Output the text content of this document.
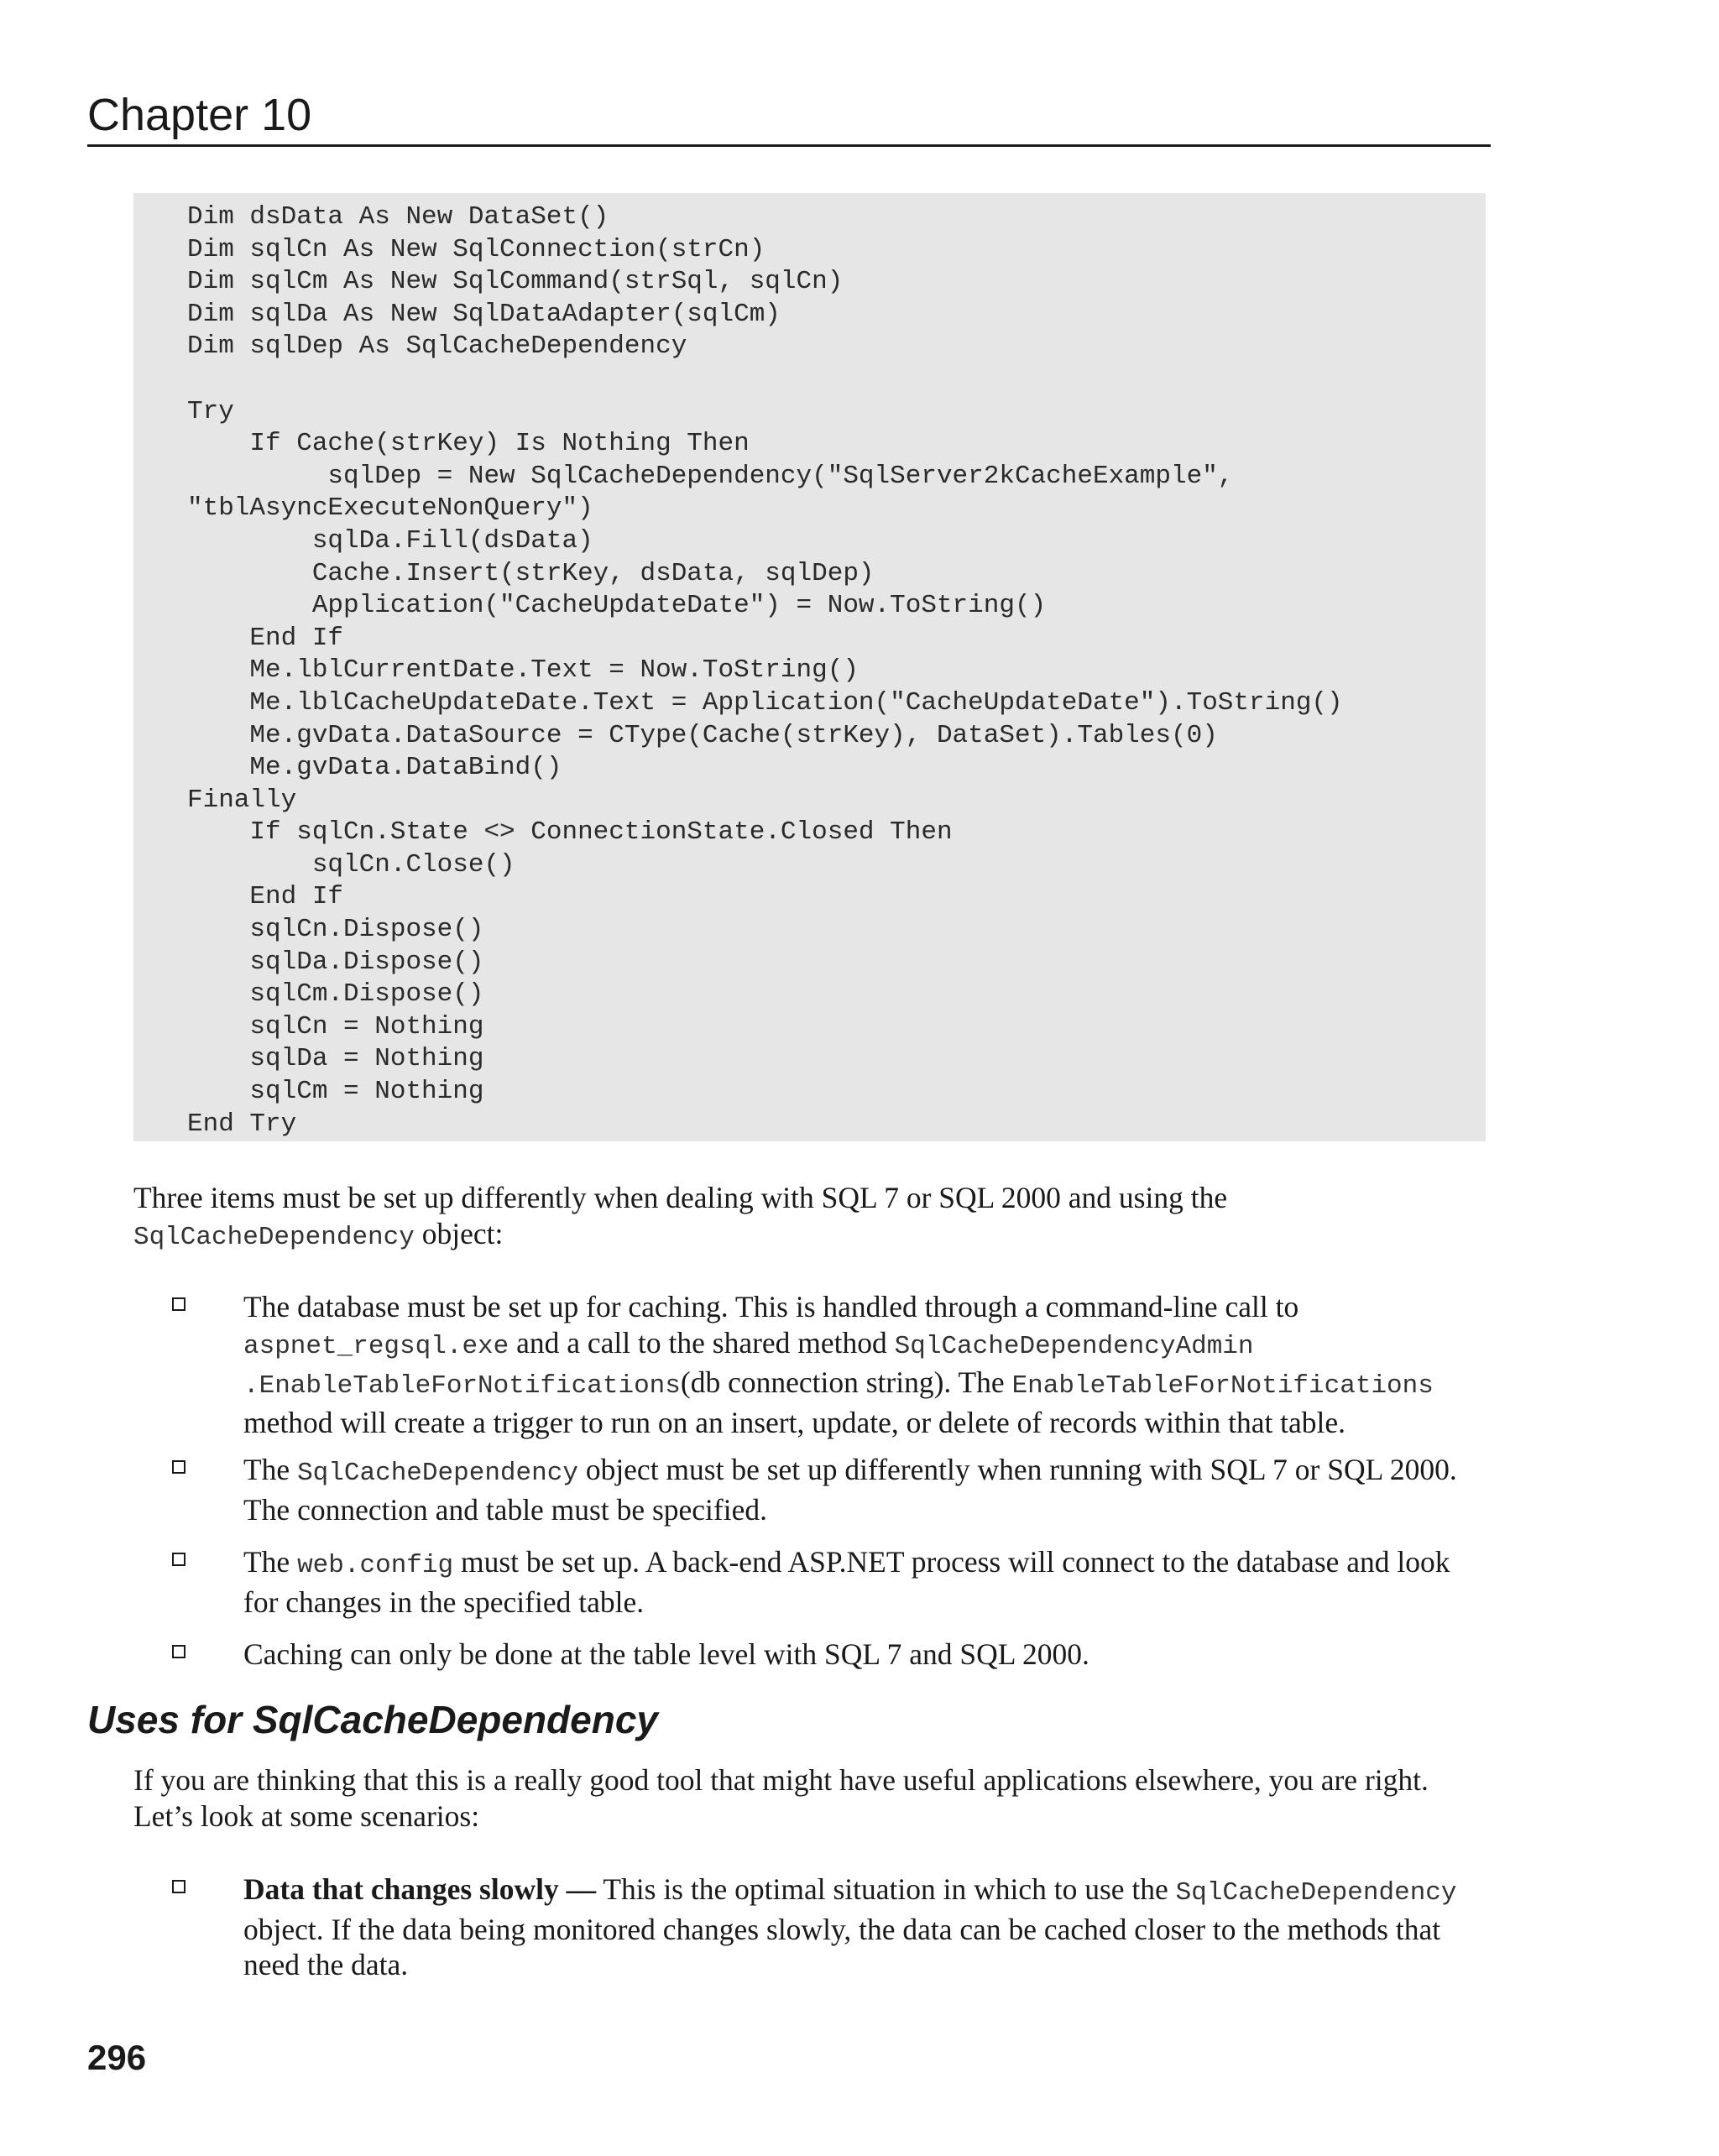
Chapter 10
Dim dsData As New DataSet()
Dim sqlCn As New SqlConnection(strCn)
Dim sqlCm As New SqlCommand(strSql, sqlCn)
Dim sqlDa As New SqlDataAdapter(sqlCm)
Dim sqlDep As SqlCacheDependency
Try
If Cache(strKey) Is Nothing Then
sqlDep = New SqlCacheDependency("SqlServer2kCacheExample",
"tblAsyncExecuteNonQuery")
sqlDa.Fill(dsData)
Cache.Insert(strKey, dsData, sqlDep)
Application("CacheUpdateDate") = Now.ToString()
End If
Me.lblCurrentDate.Text = Now.ToString()
Me.lblCacheUpdateDate.Text = Application("CacheUpdateDate").ToString()
Me.gvData.DataSource = CType(Cache(strKey), DataSet).Tables(0)
Me.gvData.DataBind()
Finally
If sqlCn.State <> ConnectionState.Closed Then
sqlCn.Close()
End If
sqlCn.Dispose()
sqlDa.Dispose()
sqlCm.Dispose()
sqlCn = Nothing
sqlDa = Nothing
sqlCm = Nothing
End Try
Three items must be set up differently when dealing with SQL 7 or SQL 2000 and using the
SqlCacheDependency object:
The database must be set up for caching. This is handled through a command-line call to aspnet_regsql.exe and a call to the shared method SqlCacheDependencyAdmin .EnableTableForNotifications(db connection string). The EnableTableForNotifications method will create a trigger to run on an insert, update, or delete of records within that table.
The SqlCacheDependency object must be set up differently when running with SQL 7 or SQL 2000. The connection and table must be specified.
The web.config must be set up. A back-end ASP.NET process will connect to the database and look for changes in the specified table.
Caching can only be done at the table level with SQL 7 and SQL 2000.
Uses for SqlCacheDependency
If you are thinking that this is a really good tool that might have useful applications elsewhere, you are right. Let’s look at some scenarios:
Data that changes slowly — This is the optimal situation in which to use the SqlCacheDependency object. If the data being monitored changes slowly, the data can be cached closer to the methods that need the data.
296
